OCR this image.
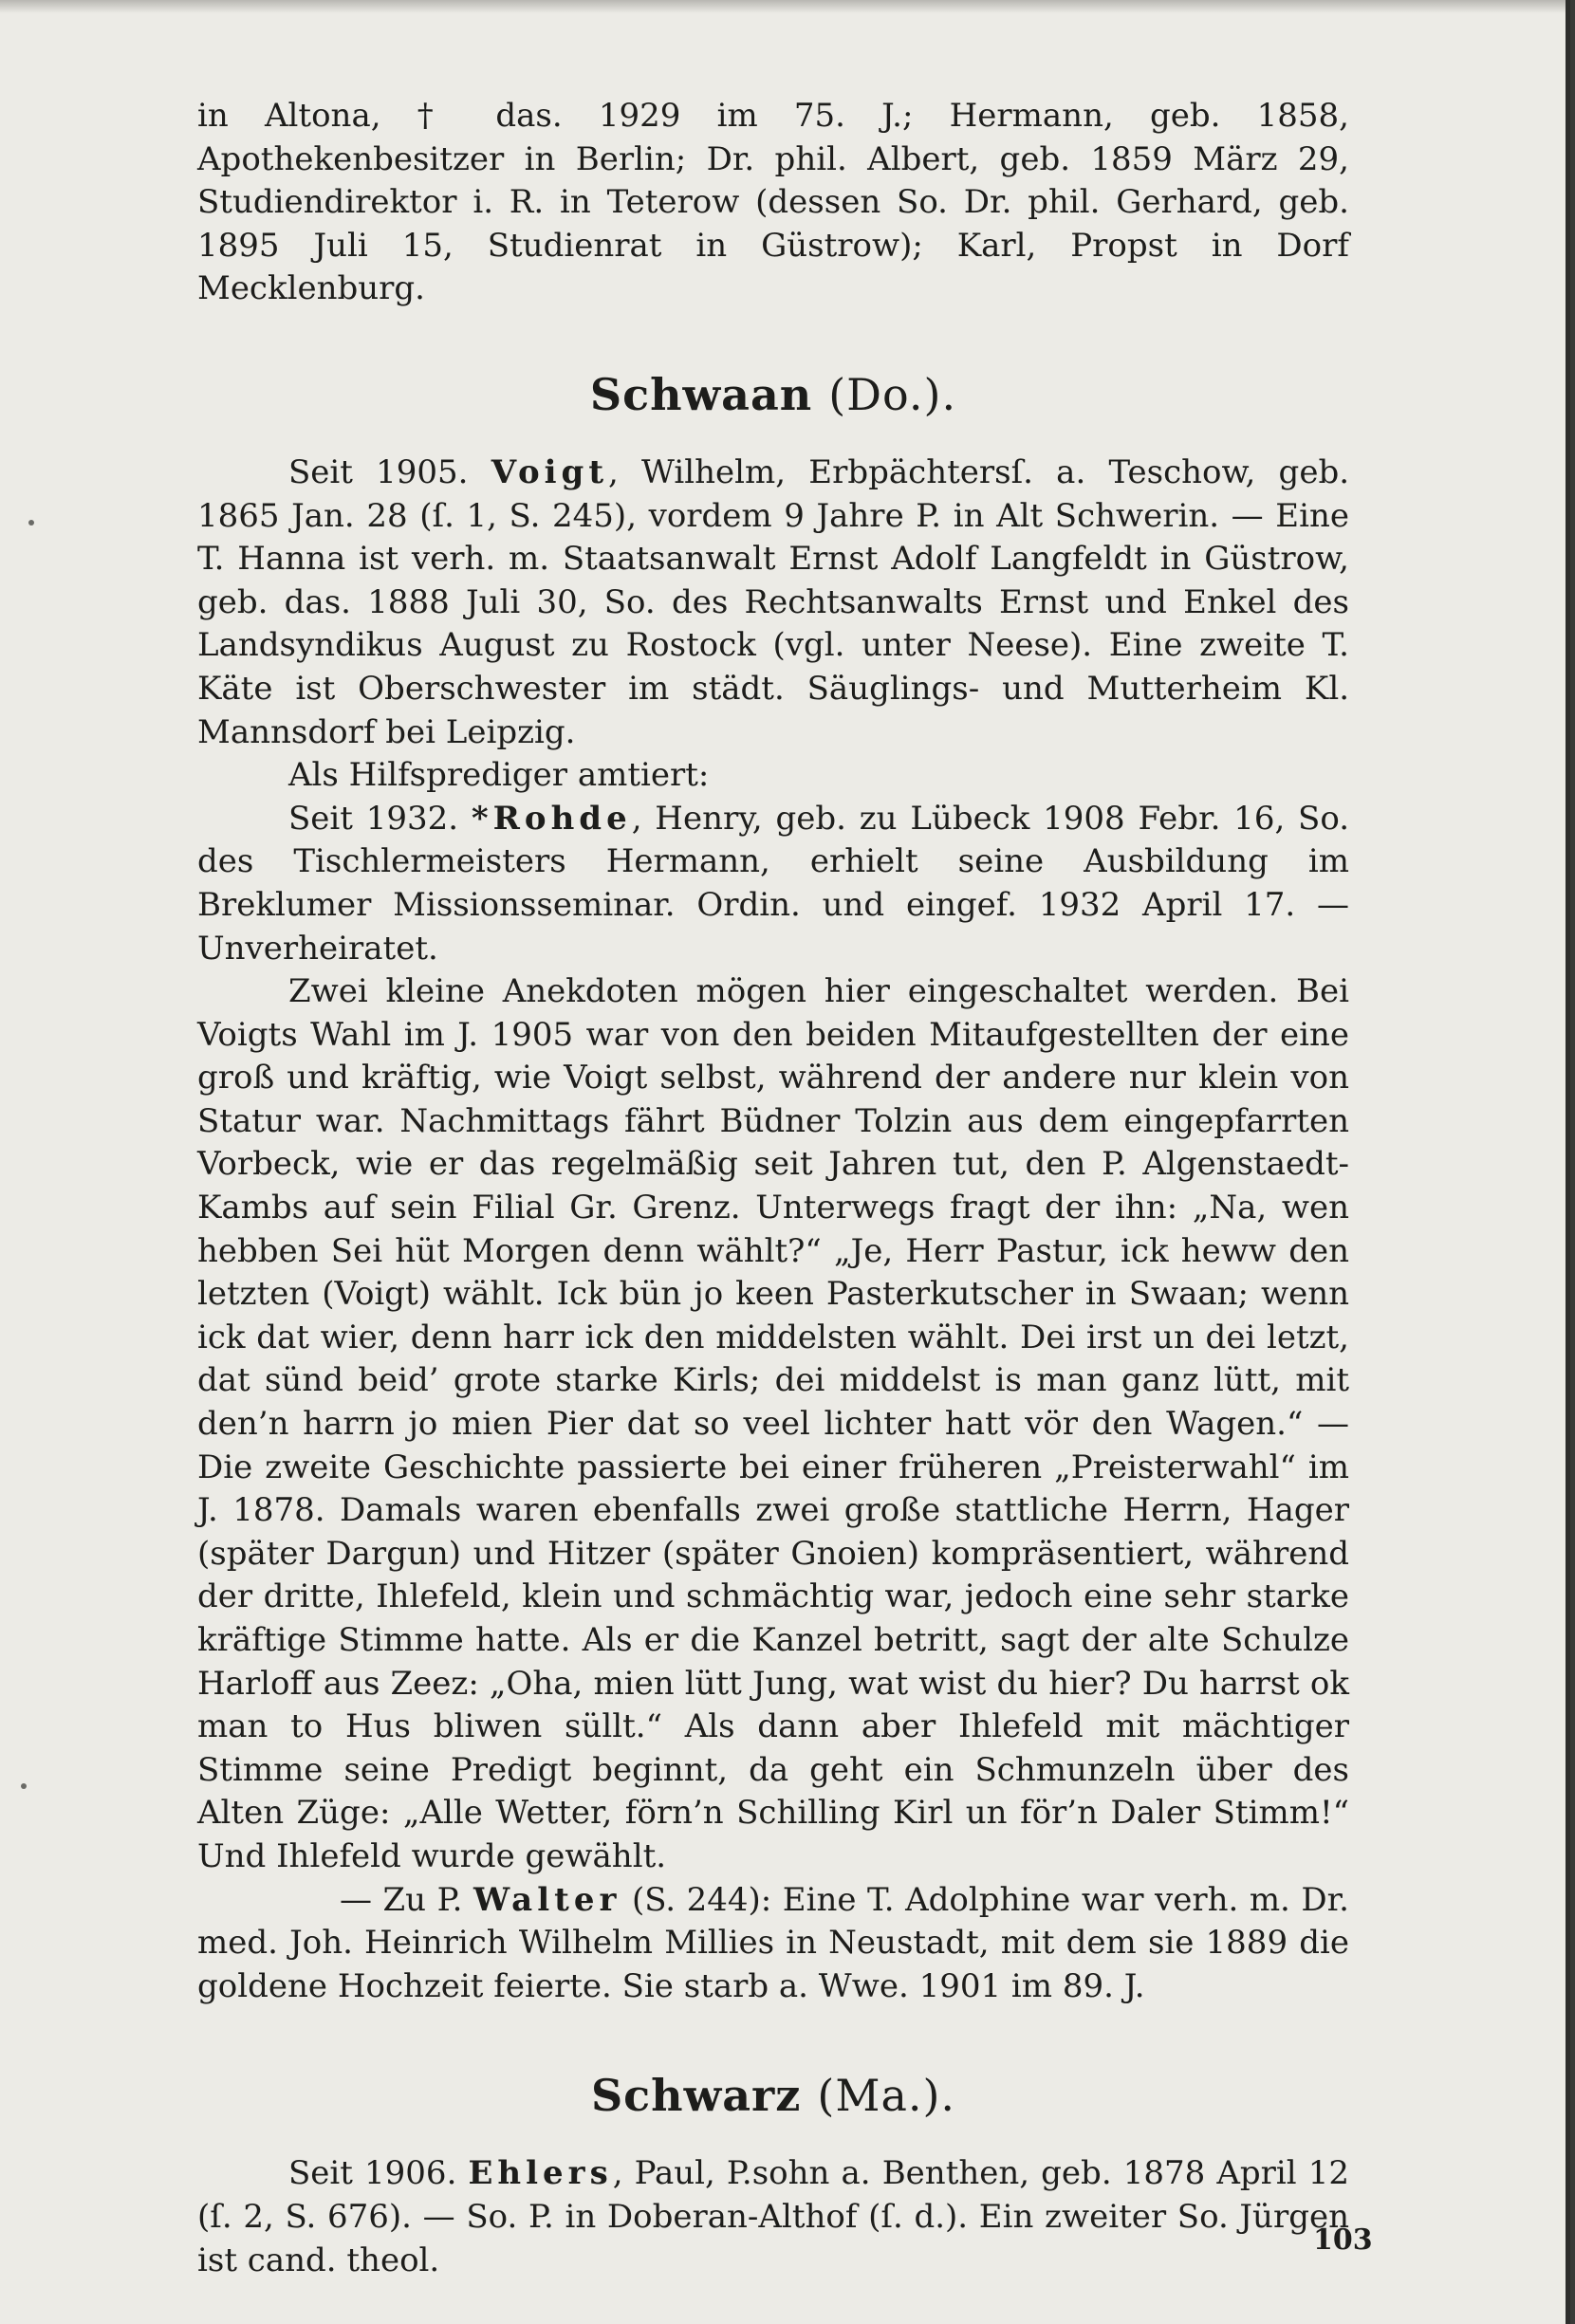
in Altona, † das. 1929 im 75. J.; Hermann, geb. 1858, Apothekenbesitzer in Berlin; Dr. phil. Albert, geb. 1859 März 29, Studiendirektor i. R. in Teterow (dessen So. Dr. phil. Gerhard, geb. 1895 Juli 15, Studienrat in Güstrow); Karl, Propst in Dorf Mecklenburg.

Schwaan (Do.).

Seit 1905. Voigt, Wilhelm, Erbpächtersſ. a. Teschow, geb. 1865 Jan. 28 (ſ. 1, S. 245), vordem 9 Jahre P. in Alt Schwerin. — Eine T. Hanna ist verh. m. Staatsanwalt Ernst Adolf Langfeldt in Güstrow, geb. das. 1888 Juli 30, So. des Rechtsanwalts Ernst und Enkel des Landsyndikus August zu Rostock (vgl. unter Neese). Eine zweite T. Käte ist Oberschwester im städt. Säuglings- und Mutterheim Kl. Mannsdorf bei Leipzig.

Als Hilfsprediger amtiert:

Seit 1932. *Rohde, Henry, geb. zu Lübeck 1908 Febr. 16, So. des Tischlermeisters Hermann, erhielt seine Ausbildung im Breklumer Missionsseminar. Ordin. und eingef. 1932 April 17. — Unverheiratet.

Zwei kleine Anekdoten mögen hier eingeschaltet werden. Bei Voigts Wahl im J. 1905 war von den beiden Mitaufgestellten der eine groß und kräftig, wie Voigt selbst, während der andere nur klein von Statur war. Nachmittags fährt Büdner Tolzin aus dem eingepfarrten Vorbeck, wie er das regelmäßig seit Jahren tut, den P. Algenstaedt-Kambs auf sein Filial Gr. Grenz. Unterwegs fragt der ihn: „Na, wen hebben Sei hüt Morgen denn wählt?“ „Je, Herr Pastur, ick heww den letzten (Voigt) wählt. Ick bün jo keen Pasterkutscher in Swaan; wenn ick dat wier, denn harr ick den middelsten wählt. Dei irst un dei letzt, dat sünd beid’ grote starke Kirls; dei middelst is man ganz lütt, mit den’n harrn jo mien Pier dat so veel lichter hatt vör den Wagen.“ — Die zweite Geschichte passierte bei einer früheren „Preisterwahl“ im J. 1878. Damals waren ebenfalls zwei große stattliche Herrn, Hager (später Dargun) und Hitzer (später Gnoien) kompräsentiert, während der dritte, Ihlefeld, klein und schmächtig war, jedoch eine sehr starke kräftige Stimme hatte. Als er die Kanzel betritt, sagt der alte Schulze Harloff aus Zeez: „Oha, mien lütt Jung, wat wist du hier? Du harrst ok man to Hus bliwen süllt.“ Als dann aber Ihlefeld mit mächtiger Stimme seine Predigt beginnt, da geht ein Schmunzeln über des Alten Züge: „Alle Wetter, förn’n Schilling Kirl un för’n Daler Stimm!“ Und Ihlefeld wurde gewählt.

— Zu P. Walter (S. 244): Eine T. Adolphine war verh. m. Dr. med. Joh. Heinrich Wilhelm Millies in Neustadt, mit dem sie 1889 die goldene Hochzeit feierte. Sie starb a. Wwe. 1901 im 89. J.

Schwarz (Ma.).

Seit 1906. Ehlers, Paul, P.sohn a. Benthen, geb. 1878 April 12 (ſ. 2, S. 676). — So. P. in Doberan-Althof (ſ. d.). Ein zweiter So. Jürgen ist cand. theol.

103
